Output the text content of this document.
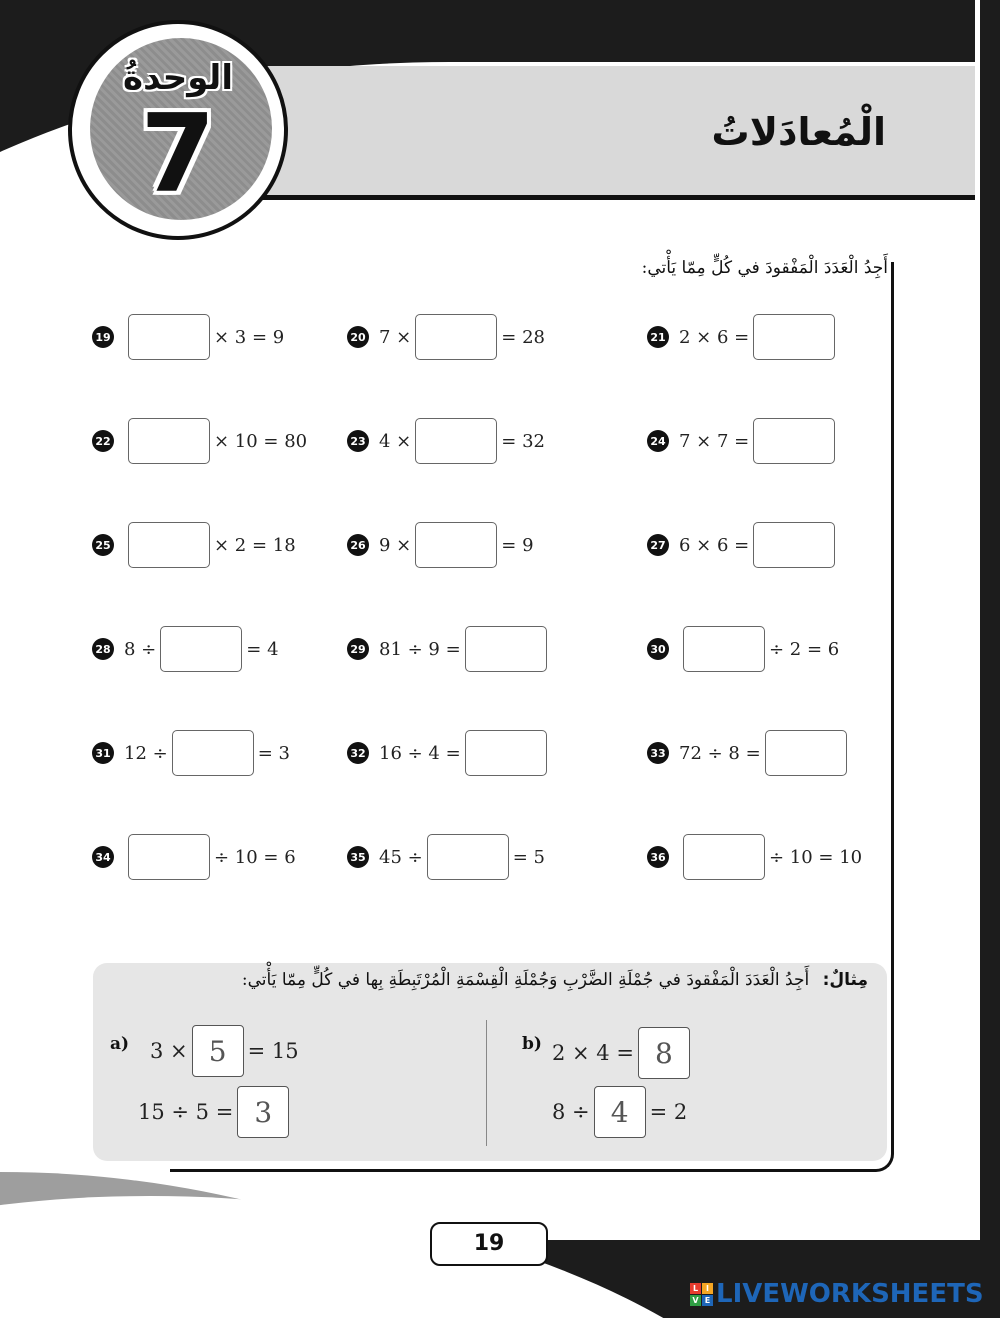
الوحدةُ
7	الْمُعادَلاتُ
أَجِدُ الْعَدَدَ الْمَفْقودَ في كُلٍّ مِمّا يَأْتي:
19	× 3 = 9	20 7 ×	= 28	21 2 × 6 =
22	× 10 = 80	23 4 ×	= 32	24 7 × 7 =
25	× 2 = 18	26 9 ×	= 9	27 6 × 6 =
28 8 ÷	= 4	29 81 ÷ 9 =	30	÷ 2 = 6
31 12 ÷	= 3	32 16 ÷ 4 =	33 72 ÷ 8 =
34	÷ 10 = 6	35 45 ÷	= 5	36	÷ 10 = 10
مِثالٌ: أَجِدُ الْعَدَدَ الْمَفْقودَ في جُمْلَةِ الضَّرْبِ وَجُمْلَةِ الْقِسْمَةِ الْمُرْتَبِطَةِ بِها في كُلٍّ مِمّا يَأْتي:
a) 3 × 5	= 15
15 ÷ 5 = 3
b) 2 × 4 = 8
8 ÷ 4	= 2
19
L I
V E LIVEWORKSHEETS
